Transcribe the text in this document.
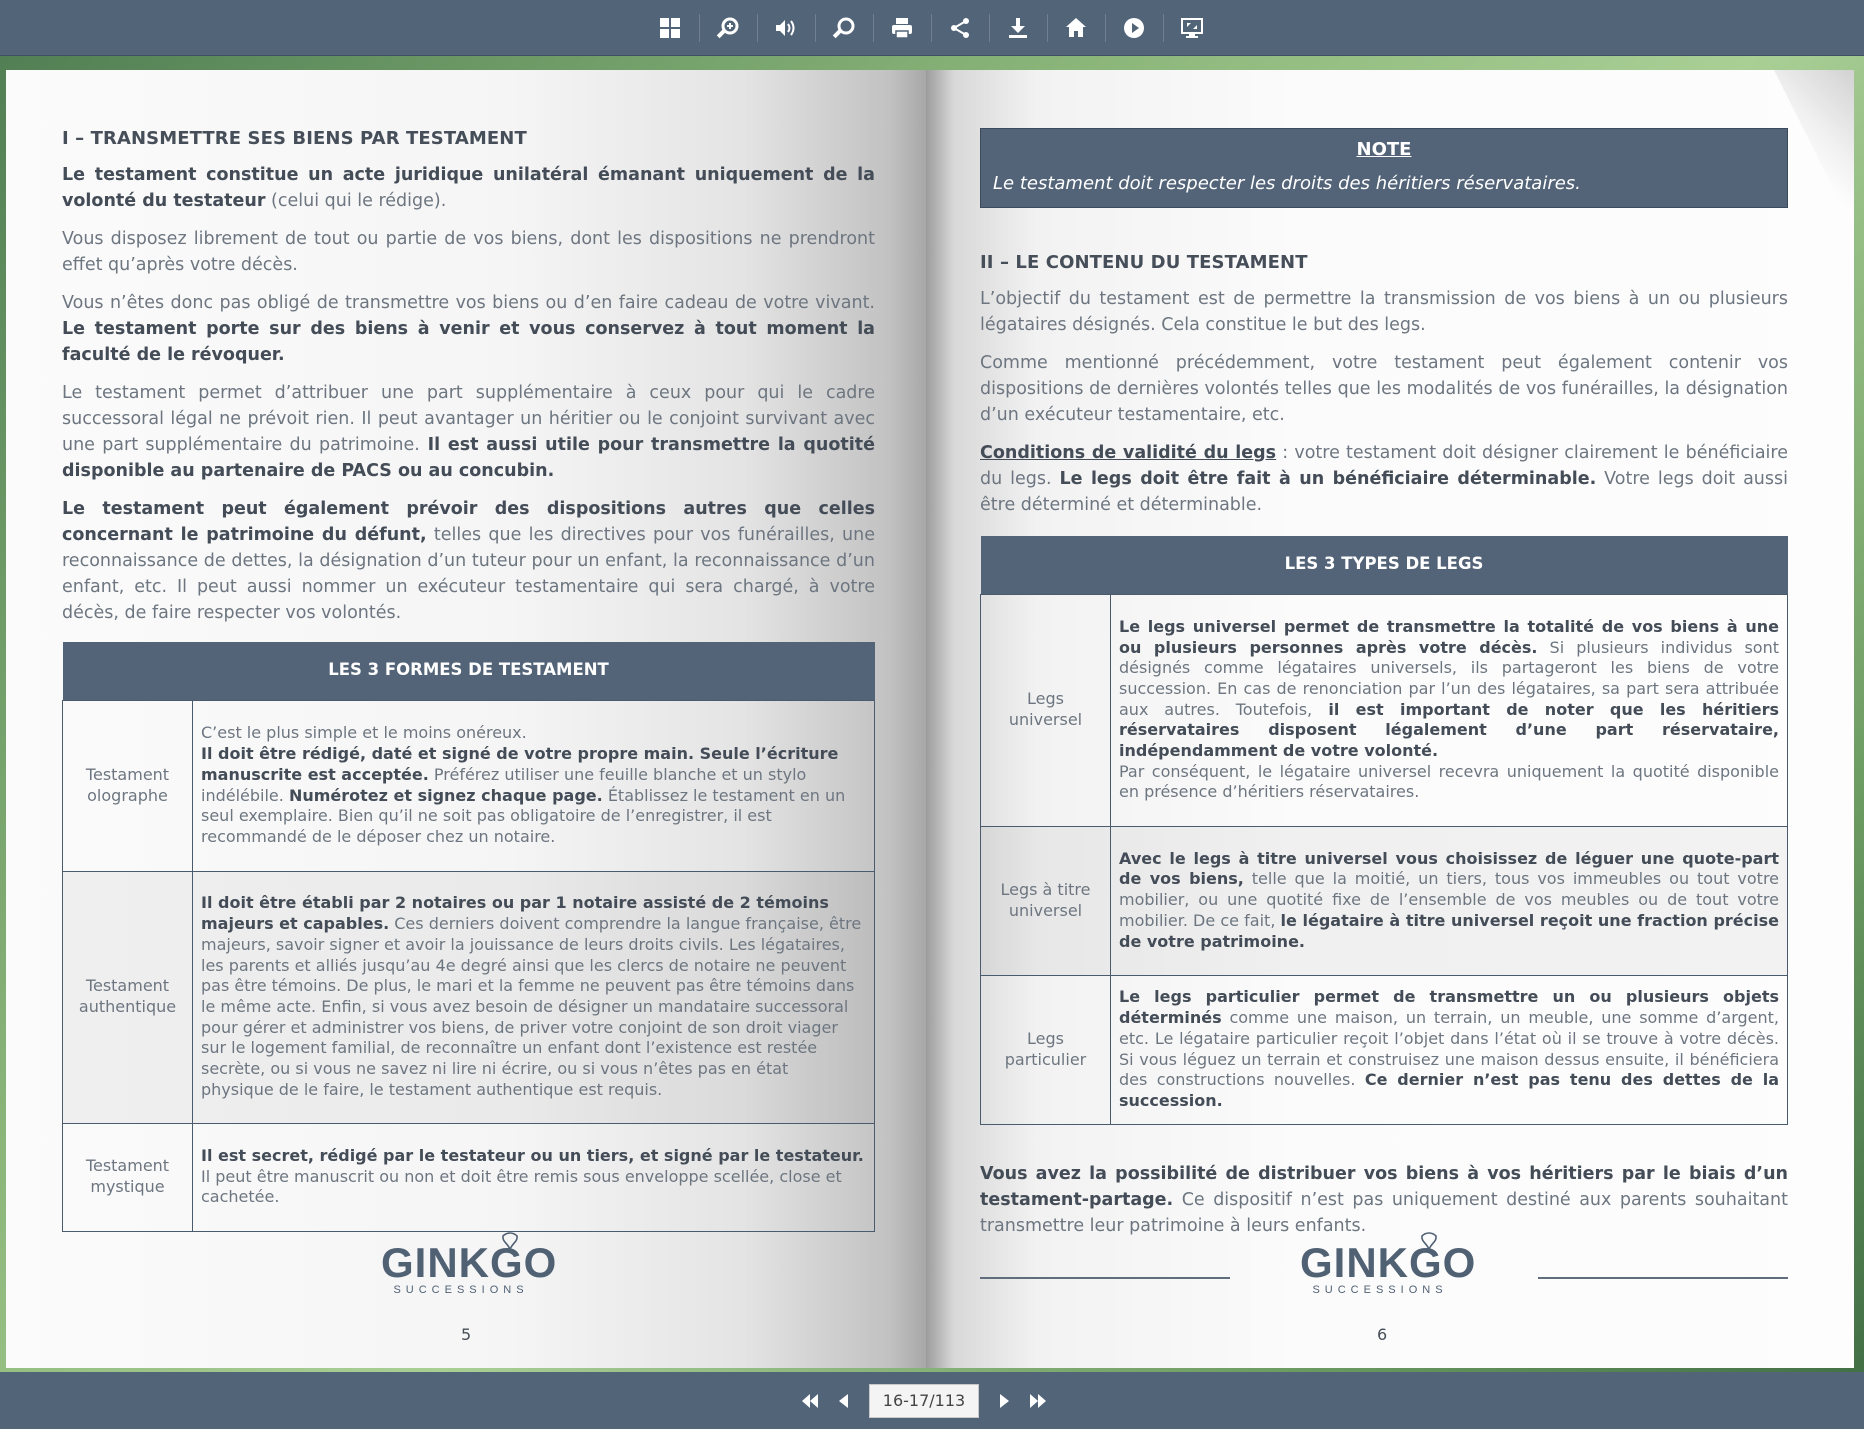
I – TRANSMETTRE SES BIENS PAR TESTAMENT

Le testament constitue un acte juridique unilatéral émanant uniquement de la volonté du testateur (celui qui le rédige).

Vous disposez librement de tout ou partie de vos biens, dont les dispositions ne prendront effet qu’après votre décès.

Vous n’êtes donc pas obligé de transmettre vos biens ou d’en faire cadeau de votre vivant. Le testament porte sur des biens à venir et vous conservez à tout moment la faculté de le révoquer.

Le testament permet d’attribuer une part supplémentaire à ceux pour qui le cadre successoral légal ne prévoit rien. Il peut avantager un héritier ou le conjoint survivant avec une part supplémentaire du patrimoine. Il est aussi utile pour transmettre la quotité disponible au partenaire de PACS ou au concubin.

Le testament peut également prévoir des dispositions autres que celles concernant le patrimoine du défunt, telles que les directives pour vos funérailles, une reconnaissance de dettes, la désignation d’un tuteur pour un enfant, la reconnaissance d’un enfant, etc. Il peut aussi nommer un exécuteur testamentaire qui sera chargé, à votre décès, de faire respecter vos volontés.

LES 3 FORMES DE TESTAMENT	
Testament olographe	C’est le plus simple et le moins onéreux.
Il doit être rédigé, daté et signé de votre propre main. Seule l’écriture manuscrite est acceptée. Préférez utiliser une feuille blanche et un stylo indélébile. Numérotez et signez chaque page. Établissez le testament en un seul exemplaire. Bien qu’il ne soit pas obligatoire de l’enregistrer, il est recommandé de le déposer chez un notaire.
Testament authentique	Il doit être établi par 2 notaires ou par 1 notaire assisté de 2 témoins majeurs et capables. Ces derniers doivent comprendre la langue française, être majeurs, savoir signer et avoir la jouissance de leurs droits civils. Les légataires, les parents et alliés jusqu’au 4e degré ainsi que les clercs de notaire ne peuvent pas être témoins. De plus, le mari et la femme ne peuvent pas être témoins dans le même acte. Enfin, si vous avez besoin de désigner un mandataire successoral pour gérer et administrer vos biens, de priver votre conjoint de son droit viager sur le logement familial, de reconnaître un enfant dont l’existence est restée secrète, ou si vous ne savez ni lire ni écrire, ou si vous n’êtes pas en état physique de le faire, le testament authentique est requis.
Testament mystique	Il est secret, rédigé par le testateur ou un tiers, et signé par le testateur. Il peut être manuscrit ou non et doit être remis sous enveloppe scellée, close et cachetée.
GINKGO
SUCCESSIONS
5
NOTE
Le testament doit respecter les droits des héritiers réservataires.
II – LE CONTENU DU TESTAMENT

L’objectif du testament est de permettre la transmission de vos biens à un ou plusieurs légataires désignés. Cela constitue le but des legs.

Comme mentionné précédemment, votre testament peut également contenir vos dispositions de dernières volontés telles que les modalités de vos funérailles, la désignation d’un exécuteur testamentaire, etc.

Conditions de validité du legs : votre testament doit désigner clairement le bénéficiaire du legs. Le legs doit être fait à un bénéficiaire déterminable. Votre legs doit aussi être déterminé et déterminable.

LES 3 TYPES DE LEGS	
Legs universel	Le legs universel permet de transmettre la totalité de vos biens à une ou plusieurs personnes après votre décès. Si plusieurs individus sont désignés comme légataires universels, ils partageront les biens de votre succession. En cas de renonciation par l’un des légataires, sa part sera attribuée aux autres. Toutefois, il est important de noter que les héritiers réservataires disposent légalement d’une part réservataire, indépendamment de votre volonté.
Par conséquent, le légataire universel recevra uniquement la quotité disponible en présence d’héritiers réservataires.
Legs à titre universel	Avec le legs à titre universel vous choisissez de léguer une quote-part de vos biens, telle que la moitié, un tiers, tous vos immeubles ou tout votre mobilier, ou une quotité fixe de l’ensemble de vos meubles ou de tout votre mobilier. De ce fait, le légataire à titre universel reçoit une fraction précise de votre patrimoine.
Legs particulier	Le legs particulier permet de transmettre un ou plusieurs objets déterminés comme une maison, un terrain, un meuble, une somme d’argent, etc. Le légataire particulier reçoit l’objet dans l’état où il se trouve à votre décès. Si vous léguez un terrain et construisez une maison dessus ensuite, il bénéficiera des constructions nouvelles. Ce dernier n’est pas tenu des dettes de la succession.

Vous avez la possibilité de distribuer vos biens à vos héritiers par le biais d’un testament-partage. Ce dispositif n’est pas uniquement destiné aux parents souhaitant transmettre leur patrimoine à leurs enfants.

GINKGO
SUCCESSIONS
6
16-17/113
